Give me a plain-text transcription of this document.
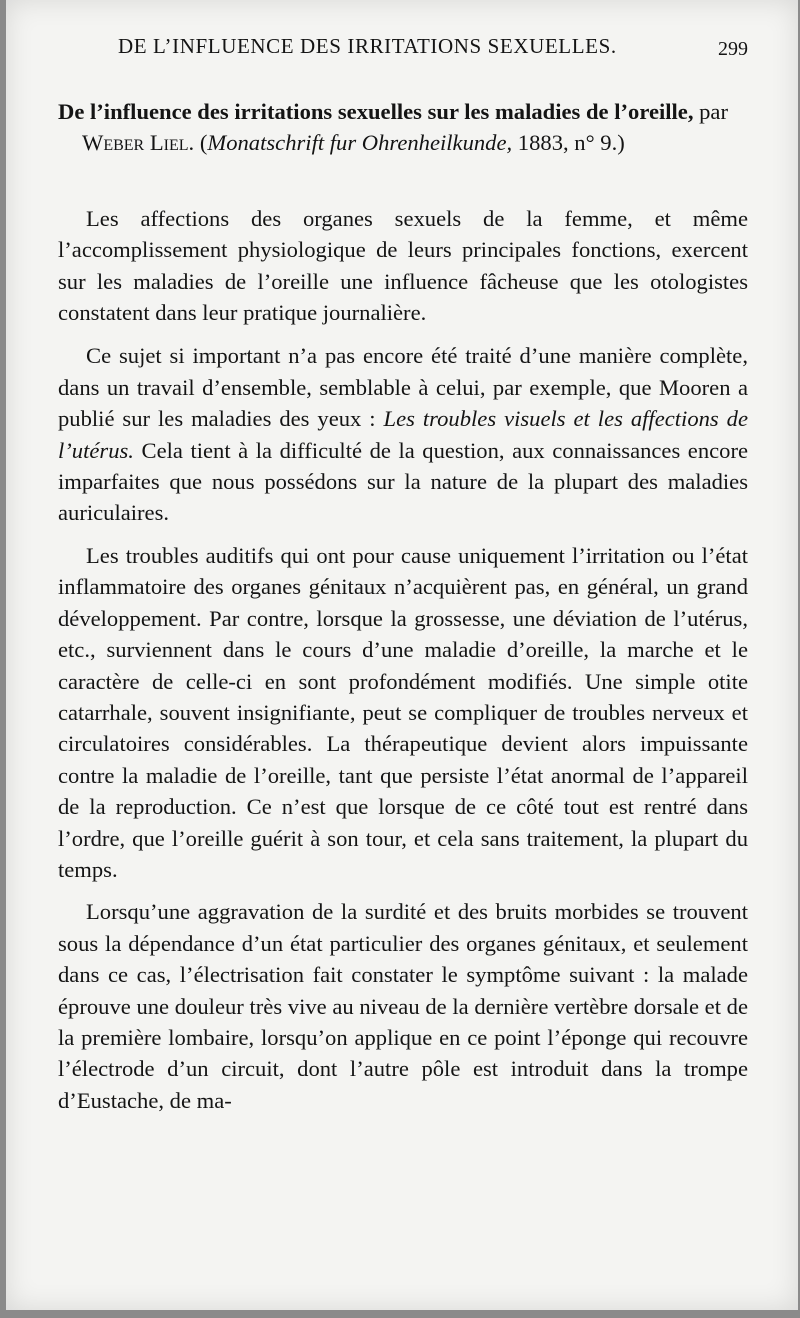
DE L’INFLUENCE DES IRRITATIONS SEXUELLES.	299
De l’influence des irritations sexuelles sur les maladies de l’oreille, par Weber Liel. (Monatschrift fur Ohrenheilkunde, 1883, n° 9.)

Les affections des organes sexuels de la femme, et même l’accomplissement physiologique de leurs principales fonctions, exercent sur les maladies de l’oreille une influence fâcheuse que les otologistes constatent dans leur pratique journalière.

Ce sujet si important n’a pas encore été traité d’une manière complète, dans un travail d’ensemble, semblable à celui, par exemple, que Mooren a publié sur les maladies des yeux : Les troubles visuels et les affections de l’utérus. Cela tient à la difficulté de la question, aux connaissances encore imparfaites que nous possédons sur la nature de la plupart des maladies auriculaires.

Les troubles auditifs qui ont pour cause uniquement l’irritation ou l’état inflammatoire des organes génitaux n’acquièrent pas, en général, un grand développement. Par contre, lorsque la grossesse, une déviation de l’utérus, etc., surviennent dans le cours d’une maladie d’oreille, la marche et le caractère de celle-ci en sont profondément modifiés. Une simple otite catarrhale, souvent insignifiante, peut se compliquer de troubles nerveux et circulatoires considérables. La thérapeutique devient alors impuissante contre la maladie de l’oreille, tant que persiste l’état anormal de l’appareil de la reproduction. Ce n’est que lorsque de ce côté tout est rentré dans l’ordre, que l’oreille guérit à son tour, et cela sans traitement, la plupart du temps.

Lorsqu’une aggravation de la surdité et des bruits morbides se trouvent sous la dépendance d’un état particulier des organes génitaux, et seulement dans ce cas, l’électrisation fait constater le symptôme suivant : la malade éprouve une douleur très vive au niveau de la dernière vertèbre dorsale et de la première lombaire, lorsqu’on applique en ce point l’éponge qui recouvre l’électrode d’un circuit, dont l’autre pôle est introduit dans la trompe d’Eustache, de ma-
